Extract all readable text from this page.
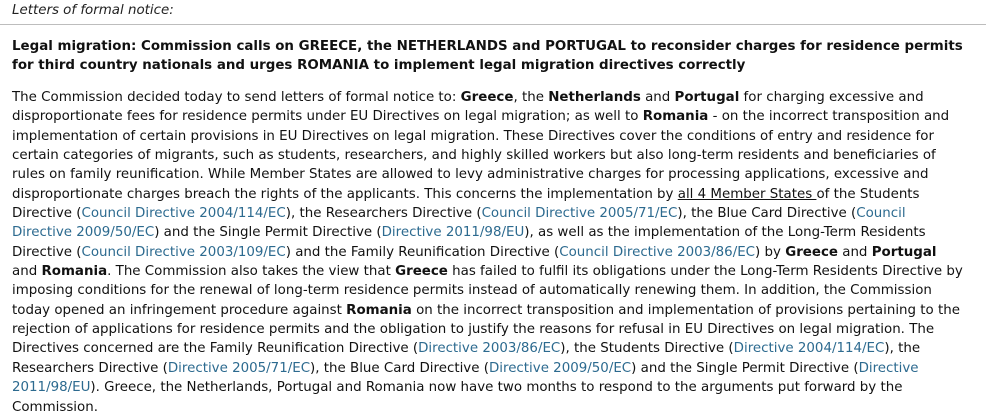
Letters of formal notice:
Legal migration: Commission calls on GREECE, the NETHERLANDS and PORTUGAL to reconsider charges for residence permits
for third country nationals and urges ROMANIA to implement legal migration directives correctly
The Commission decided today to send letters of formal notice to: Greece, the Netherlands and Portugal for charging excessive and
disproportionate fees for residence permits under EU Directives on legal migration; as well to Romania - on the incorrect transposition and
implementation of certain provisions in EU Directives on legal migration. These Directives cover the conditions of entry and residence for
certain categories of migrants, such as students, researchers, and highly skilled workers but also long-term residents and beneficiaries of
rules on family reunification. While Member States are allowed to levy administrative charges for processing applications, excessive and
disproportionate charges breach the rights of the applicants. This concerns the implementation by all 4 Member States of the Students
Directive (Council Directive 2004/114/EC), the Researchers Directive (Council Directive 2005/71/EC), the Blue Card Directive (Council
Directive 2009/50/EC) and the Single Permit Directive (Directive 2011/98/EU), as well as the implementation of the Long-Term Residents
Directive (Council Directive 2003/109/EC) and the Family Reunification Directive (Council Directive 2003/86/EC) by Greece and Portugal
and Romania. The Commission also takes the view that Greece has failed to fulfil its obligations under the Long-Term Residents Directive by
imposing conditions for the renewal of long-term residence permits instead of automatically renewing them. In addition, the Commission
today opened an infringement procedure against Romania on the incorrect transposition and implementation of provisions pertaining to the
rejection of applications for residence permits and the obligation to justify the reasons for refusal in EU Directives on legal migration. The
Directives concerned are the Family Reunification Directive (Directive 2003/86/EC), the Students Directive (Directive 2004/114/EC), the
Researchers Directive (Directive 2005/71/EC), the Blue Card Directive (Directive 2009/50/EC) and the Single Permit Directive (Directive
2011/98/EU). Greece, the Netherlands, Portugal and Romania now have two months to respond to the arguments put forward by the
Commission.
